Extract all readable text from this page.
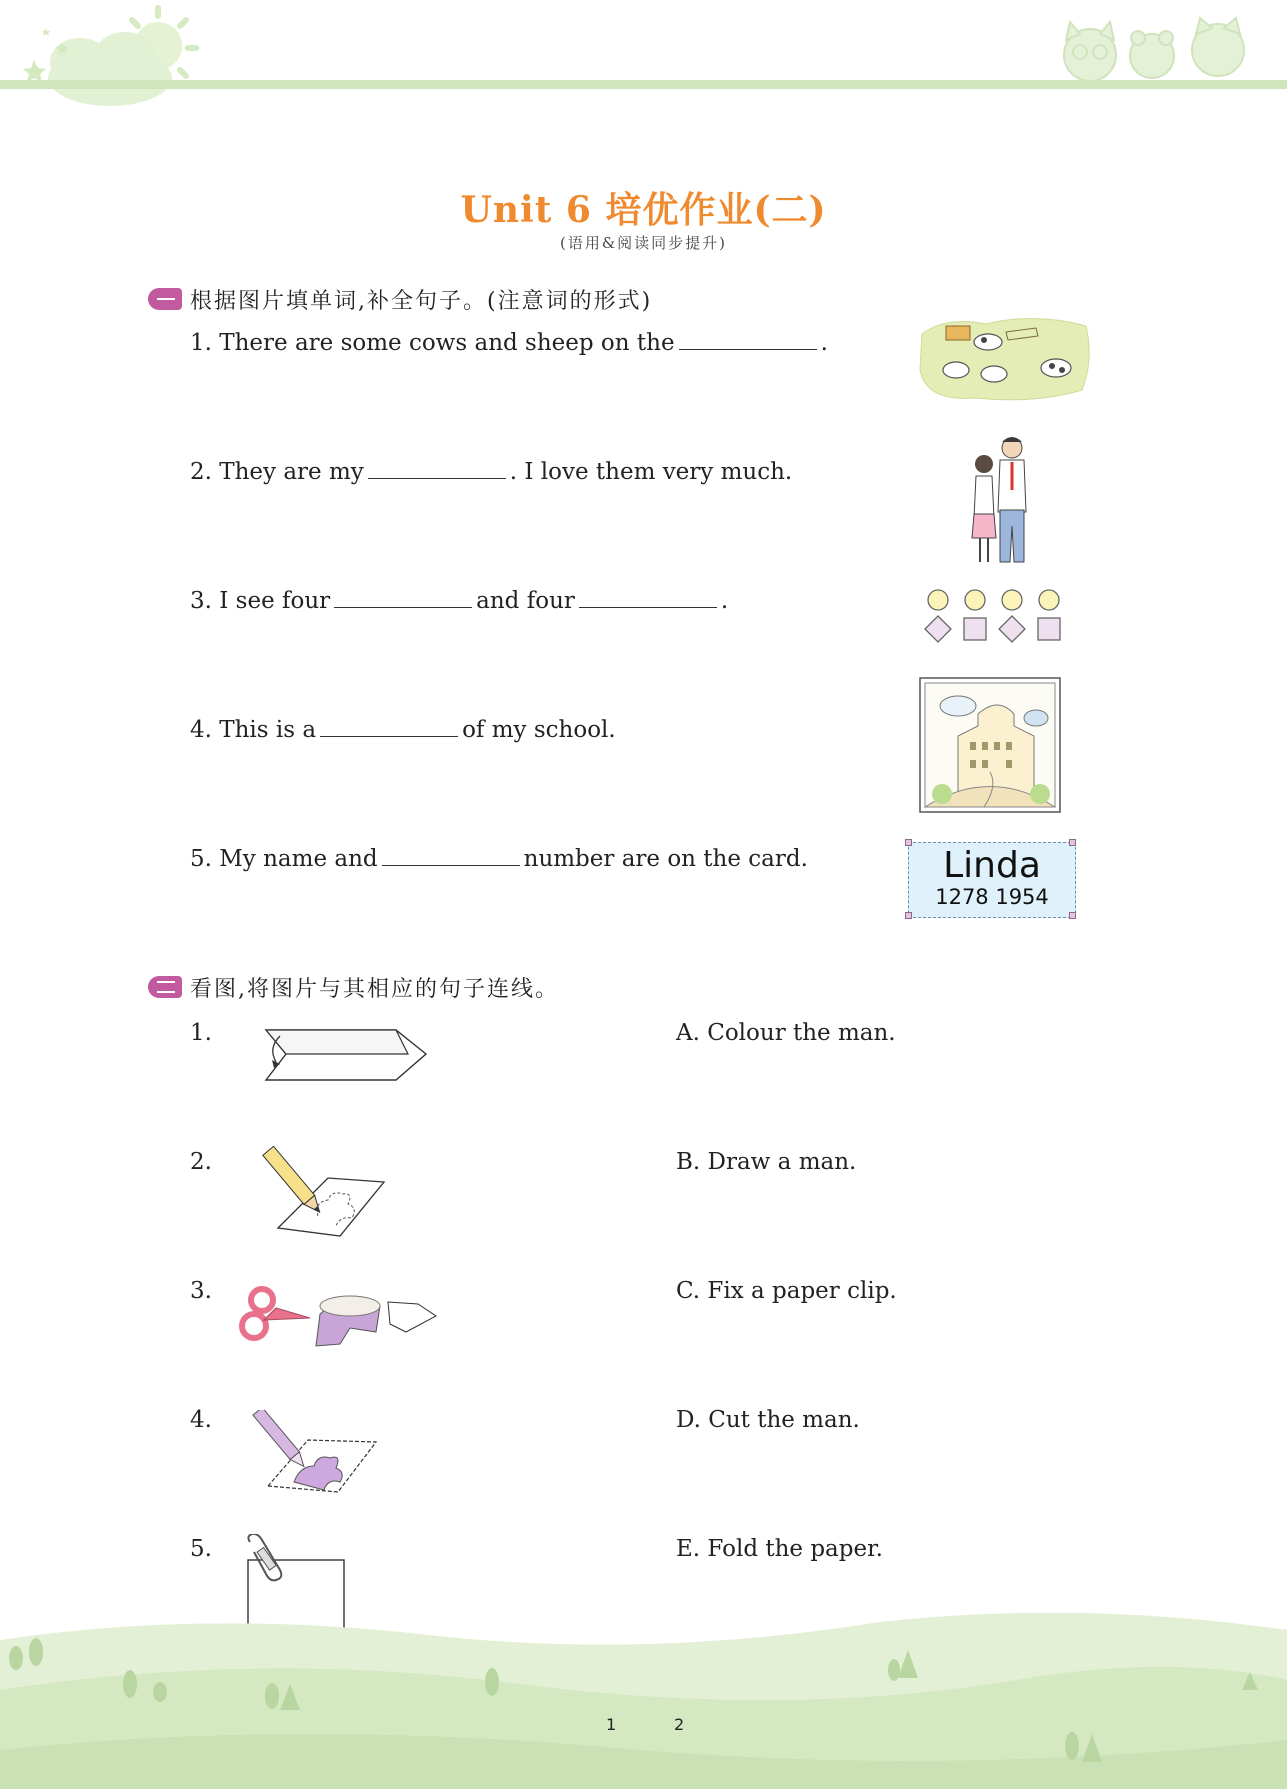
Unit 6 培优作业(二)
(语用&阅读同步提升)
根据图片填单词,补全句子。(注意词的形式)
1. There are some cows and sheep on the	.
2. They are my	. I love them very much.
3. I see four	and four	.
4. This is a	of my school.
5. My name and	number are on the card.	Linda
1278 1954
看图,将图片与其相应的句子连线。
1.
2.
3.
4.
5.
A. Colour the man.
B. Draw a man.
C. Fix a paper clip.
D. Cut the man.
E. Fold the paper.
1	2
